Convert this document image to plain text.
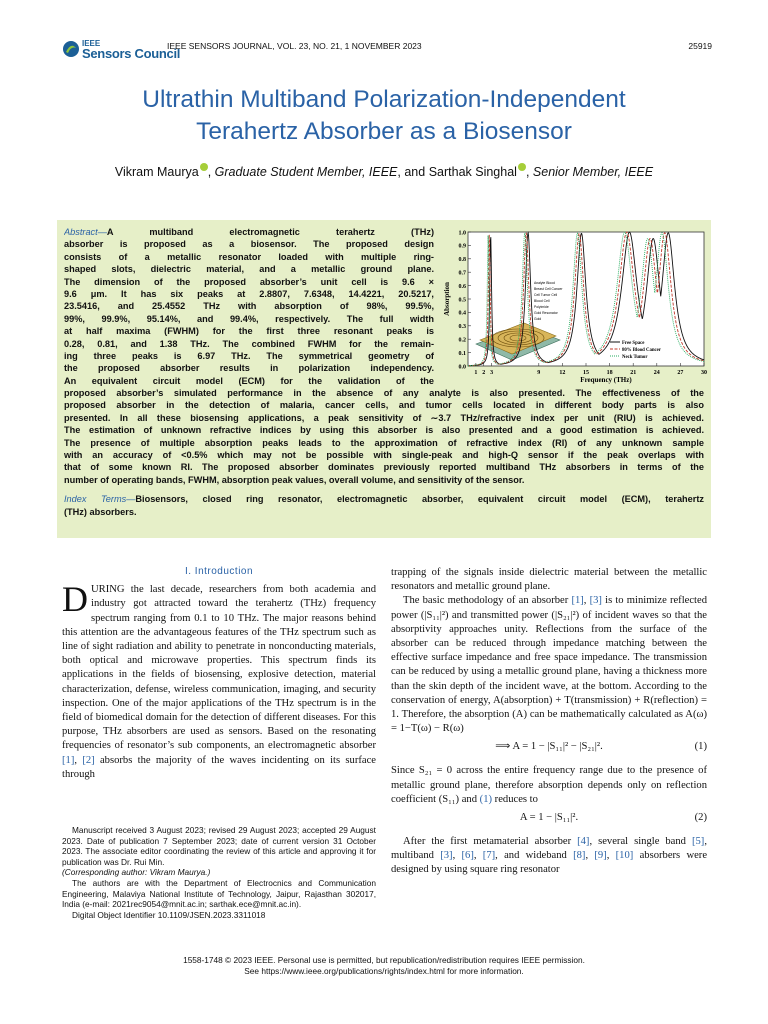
IEEE
Sensors Council
IEEE SENSORS JOURNAL, VOL. 23, NO. 21, 1 NOVEMBER 2023	25919
Ultrathin Multiband Polarization-Independent
Terahertz Absorber as a Biosensor
Vikram Maurya , Graduate Student Member, IEEE, and Sarthak Singhal , Senior Member, IEEE
Abstract—A multiband electromagnetic terahertz (THz)
absorber is proposed as a biosensor. The proposed design
consists of a metallic resonator loaded with multiple ring-
shaped slots, dielectric material, and a metallic ground plane.
The dimension of the proposed absorber’s unit cell is 9.6 ×
9.6 μm. It has six peaks at 2.8807, 7.6348, 14.4221, 20.5217,
23.5416, and 25.4552 THz with absorption of 98%, 99.5%,
99%, 99.9%, 95.14%, and 99.4%, respectively. The full width
at half maxima (FWHM) for the first three resonant peaks is
0.28, 0.81, and 1.38 THz. The combined FWHM for the remain-
ing three peaks is 6.97 THz. The symmetrical geometry of
the proposed absorber results in polarization independency.
An equivalent circuit model (ECM) for the validation of the
proposed absorber’s simulated performance in the absence of any analyte is also presented. The effectiveness of the
proposed absorber in the detection of malaria, cancer cells, and tumor cells located in different body parts is also
presented. In all these biosensing applications, a peak sensitivity of ∼3.7 THz/refractive index per unit (RIU) is achieved.
The estimation of unknown refractive indices by using this absorber is also presented and a good estimation is achieved.
The presence of multiple absorption peaks leads to the approximation of refractive index (RI) of any unknown sample
with an accuracy of <0.5% which may not be possible with single-peak and high-Q sensor if the peak overlaps with
that of some known RI. The proposed absorber dominates previously reported multiband THz absorbers in terms of the
number of operating bands, FWHM, absorption peak values, overall volume, and sensitivity of the sensor.
Index Terms—Biosensors, closed ring resonator, electromagnetic absorber, equivalent circuit model (ECM), terahertz
(THz) absorbers.
0.0
0.1
0.2
0.3
0.4
0.5
0.6
0.7
0.8
0.9
1.0
1 2 3	9	12	15	18	21	24	27	30
Frequency (THz)
Absorption	Analyte Blood
Breast Cell Cancer
Cell Tumor Cell
Blood Cell
Polyimide
Gold Resonator
Gold
Free Space
80% Blood Cancer
Neck Tumor
I. Introduction

DURING the last decade, researchers from both academia and industry got attracted toward the terahertz (THz) frequency spectrum ranging from 0.1 to 10 THz. The major reasons behind this attention are the advantageous features of the THz spectrum such as line of sight radiation and ability to penetrate in nonconducting materials, both optical and microwave properties. This spectrum finds its applications in the fields of biosensing, explosive detection, material characterization, defense, wireless communication, imaging, and security inspection. One of the major applications of the THz spectrum is in the field of biomedical domain for the detection of different diseases. For this purpose, THz absorbers are used as sensors. Based on the resonating frequencies of resonator’s sub components, an electromagnetic absorber [1], [2] absorbs the majority of the waves incidenting on its surface through

Manuscript received 3 August 2023; revised 29 August 2023; accepted 29 August 2023. Date of publication 7 September 2023; date of current version 31 October 2023. The associate editor coordinating the review of this article and approving it for publication was Dr. Rui Min.
(Corresponding author: Vikram Maurya.)

The authors are with the Department of Electrocnics and Communication Engineering, Malaviya National Institute of Technology, Jaipur, Rajasthan 302017, India (e-mail: 2021rec9054@mnit.ac.in; sarthak.ece@mnit.ac.in).

Digital Object Identifier 10.1109/JSEN.2023.3311018

trapping of the signals inside dielectric material between the metallic resonators and metallic ground plane.

The basic methodology of an absorber [1], [3] is to minimize reflected power (|S₁₁|²) and transmitted power (|S₂₁|²) of incident waves so that the absorptivity approaches unity. Reflections from the surface of the absorber can be reduced through impedance matching between the effective surface impedance and free space impedance. The transmission can be reduced by using a metallic ground plane, having a thickness more than the skin depth of the incident wave, at the bottom. According to the conservation of energy, A(absorption) + T(transmission) + R(reflection) = 1. Therefore, the absorption (A) can be mathematically calculated as A(ω) = 1−T(ω) − R(ω)

⟹ A = 1 − |S₁₁|² − |S₂₁|².	(1)

Since S₂₁ = 0 across the entire frequency range due to the presence of metallic ground plane, therefore absorption depends only on reflection coefficient (S₁₁) and (1) reduces to

A = 1 − |S₁₁|².	(2)

After the first metamaterial absorber [4], several single band [5], multiband [3], [6], [7], and wideband [8], [9], [10] absorbers were designed by using square ring resonator

1558-1748 © 2023 IEEE. Personal use is permitted, but republication/redistribution requires IEEE permission.
See https://www.ieee.org/publications/rights/index.html for more information.
